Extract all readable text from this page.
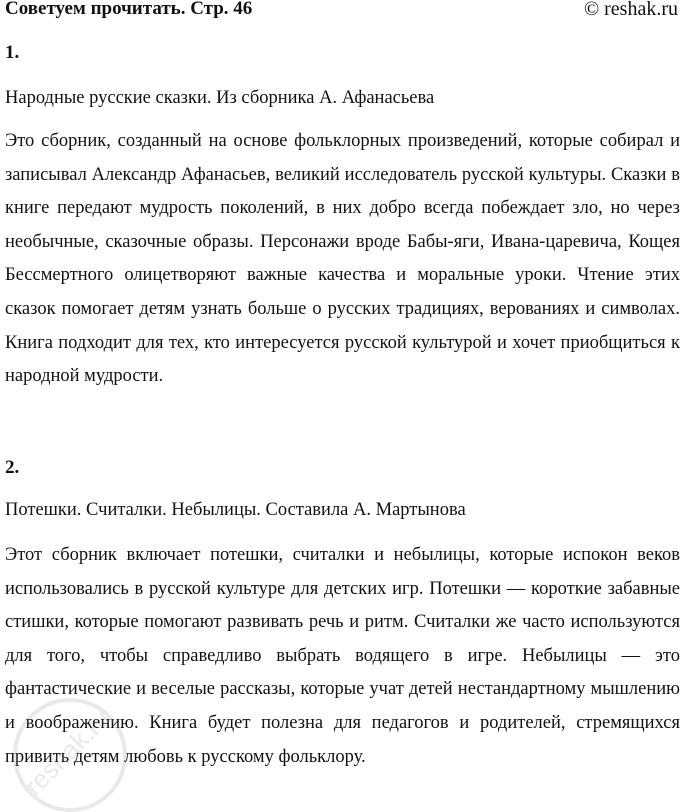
Советуем прочитать. Стр. 46	© reshak.ru
1.
Народные русские сказки. Из сборника А. Афанасьева
Это сборник, созданный на основе фольклорных произведений, которые собирал и записывал Александр Афанасьев, великий исследователь русской культуры. Сказки в книге передают мудрость поколений, в них добро всегда побеждает зло, но через необычные, сказочные образы. Персонажи вроде Бабы-яги, Ивана-царевича, Кощея Бессмертного олицетворяют важные качества и моральные уроки. Чтение этих сказок помогает детям узнать больше о русских традициях, верованиях и символах. Книга подходит для тех, кто интересуется русской культурой и хочет приобщиться к народной мудрости.
2.
Потешки. Считалки. Небылицы. Составила А. Мартынова
Этот сборник включает потешки, считалки и небылицы, которые испокон веков использовались в русской культуре для детских игр. Потешки — короткие забавные стишки, которые помогают развивать речь и ритм. Считалки же часто используются для того, чтобы справедливо выбрать водящего в игре. Небылицы — это фантастические и веселые рассказы, которые учат детей нестандартному мышлению и воображению. Книга будет полезна для педагогов и родителей, стремящихся привить детям любовь к русскому фольклору.
reshak.ru
